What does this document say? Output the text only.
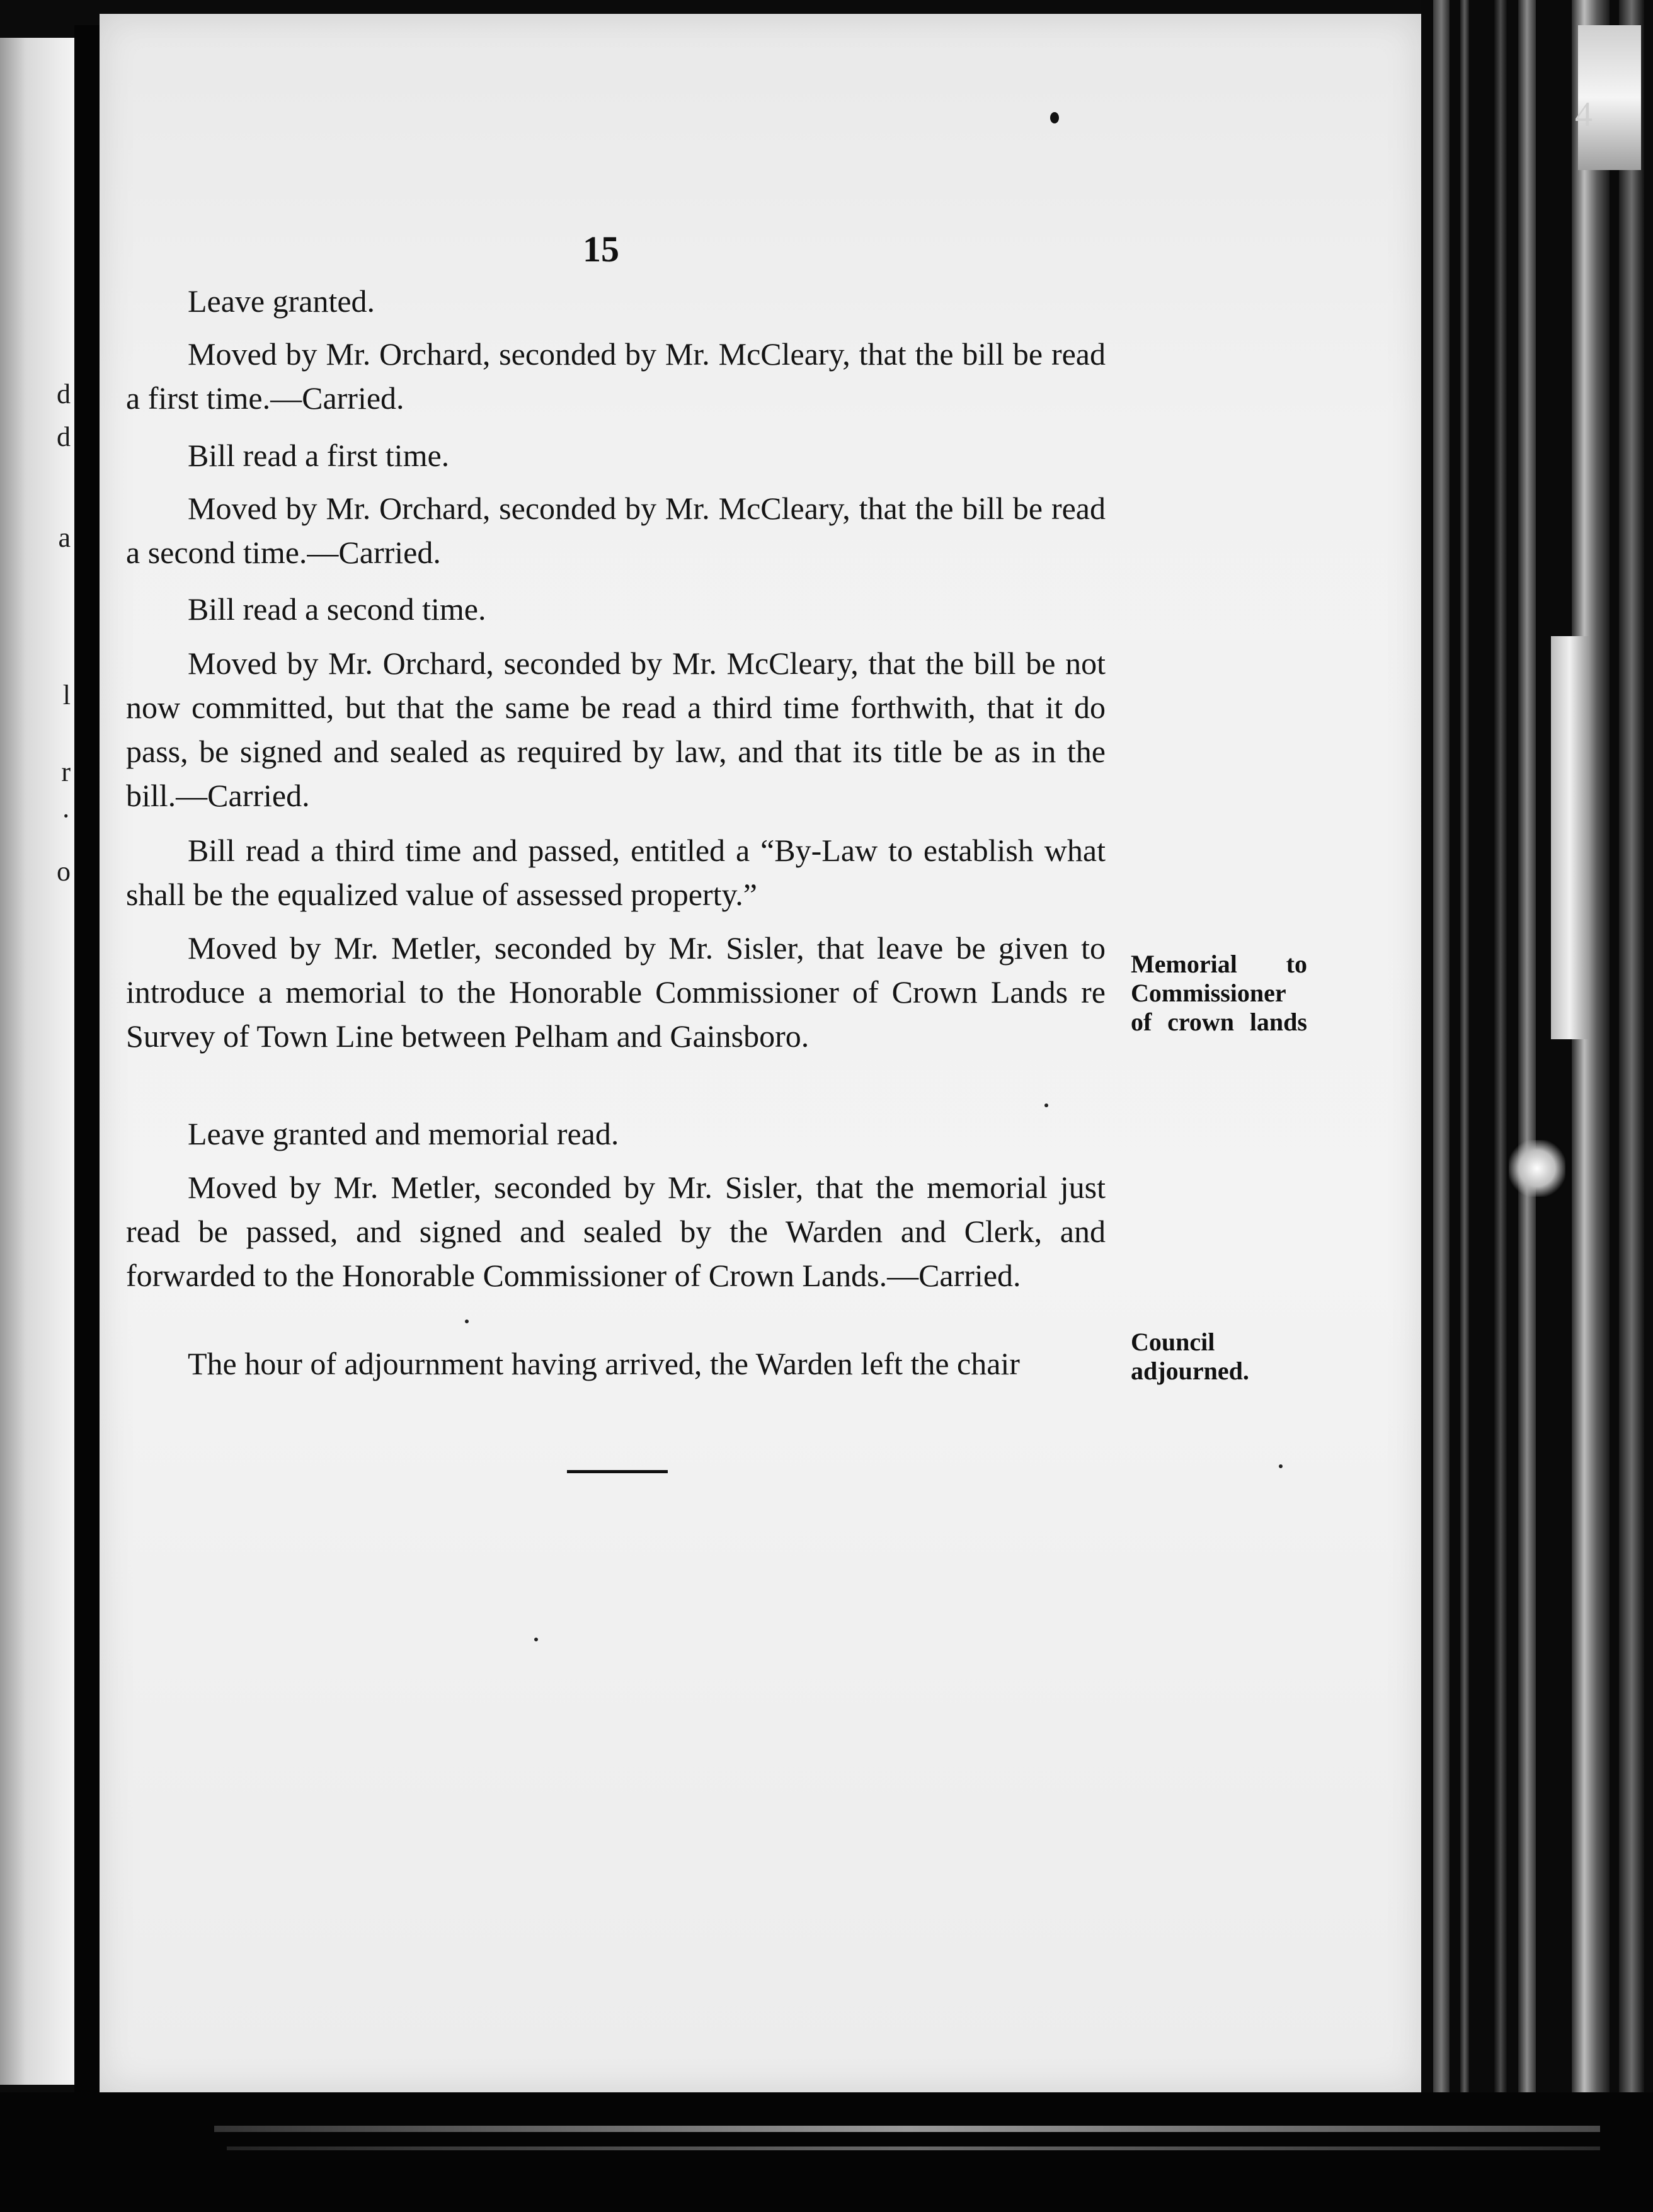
d
d
a
l
r
·
o
4
15

Leave granted.

Moved by Mr. Orchard, seconded by Mr. McCleary, that the bill be read a first time.—Carried.

Bill read a first time.

Moved by Mr. Orchard, seconded by Mr. McCleary, that the bill be read a second time.—Carried.

Bill read a second time.

Moved by Mr. Orchard, seconded by Mr. McCleary, that the bill be not now committed, but that the same be read a third time forthwith, that it do pass, be signed and sealed as required by law, and that its title be as in the bill.—Carried.

Bill read a third time and passed, entitled a “By-Law to establish what shall be the equalized value of assessed property.”

Moved by Mr. Metler, seconded by Mr. Sisler, that leave be given to introduce a memorial to the Honorable Commissioner of Crown Lands re Survey of Town Line between Pelham and Gainsboro.

Leave granted and memorial read.

Moved by Mr. Metler, seconded by Mr. Sisler, that the memorial just read be passed, and signed and sealed by the Warden and Clerk, and forwarded to the Honorable Commissioner of Crown Lands.—Carried.

The hour of adjournment having arrived, the Warden left the chair

Memorial to Commissioner of crown lands
Council adjourned.
